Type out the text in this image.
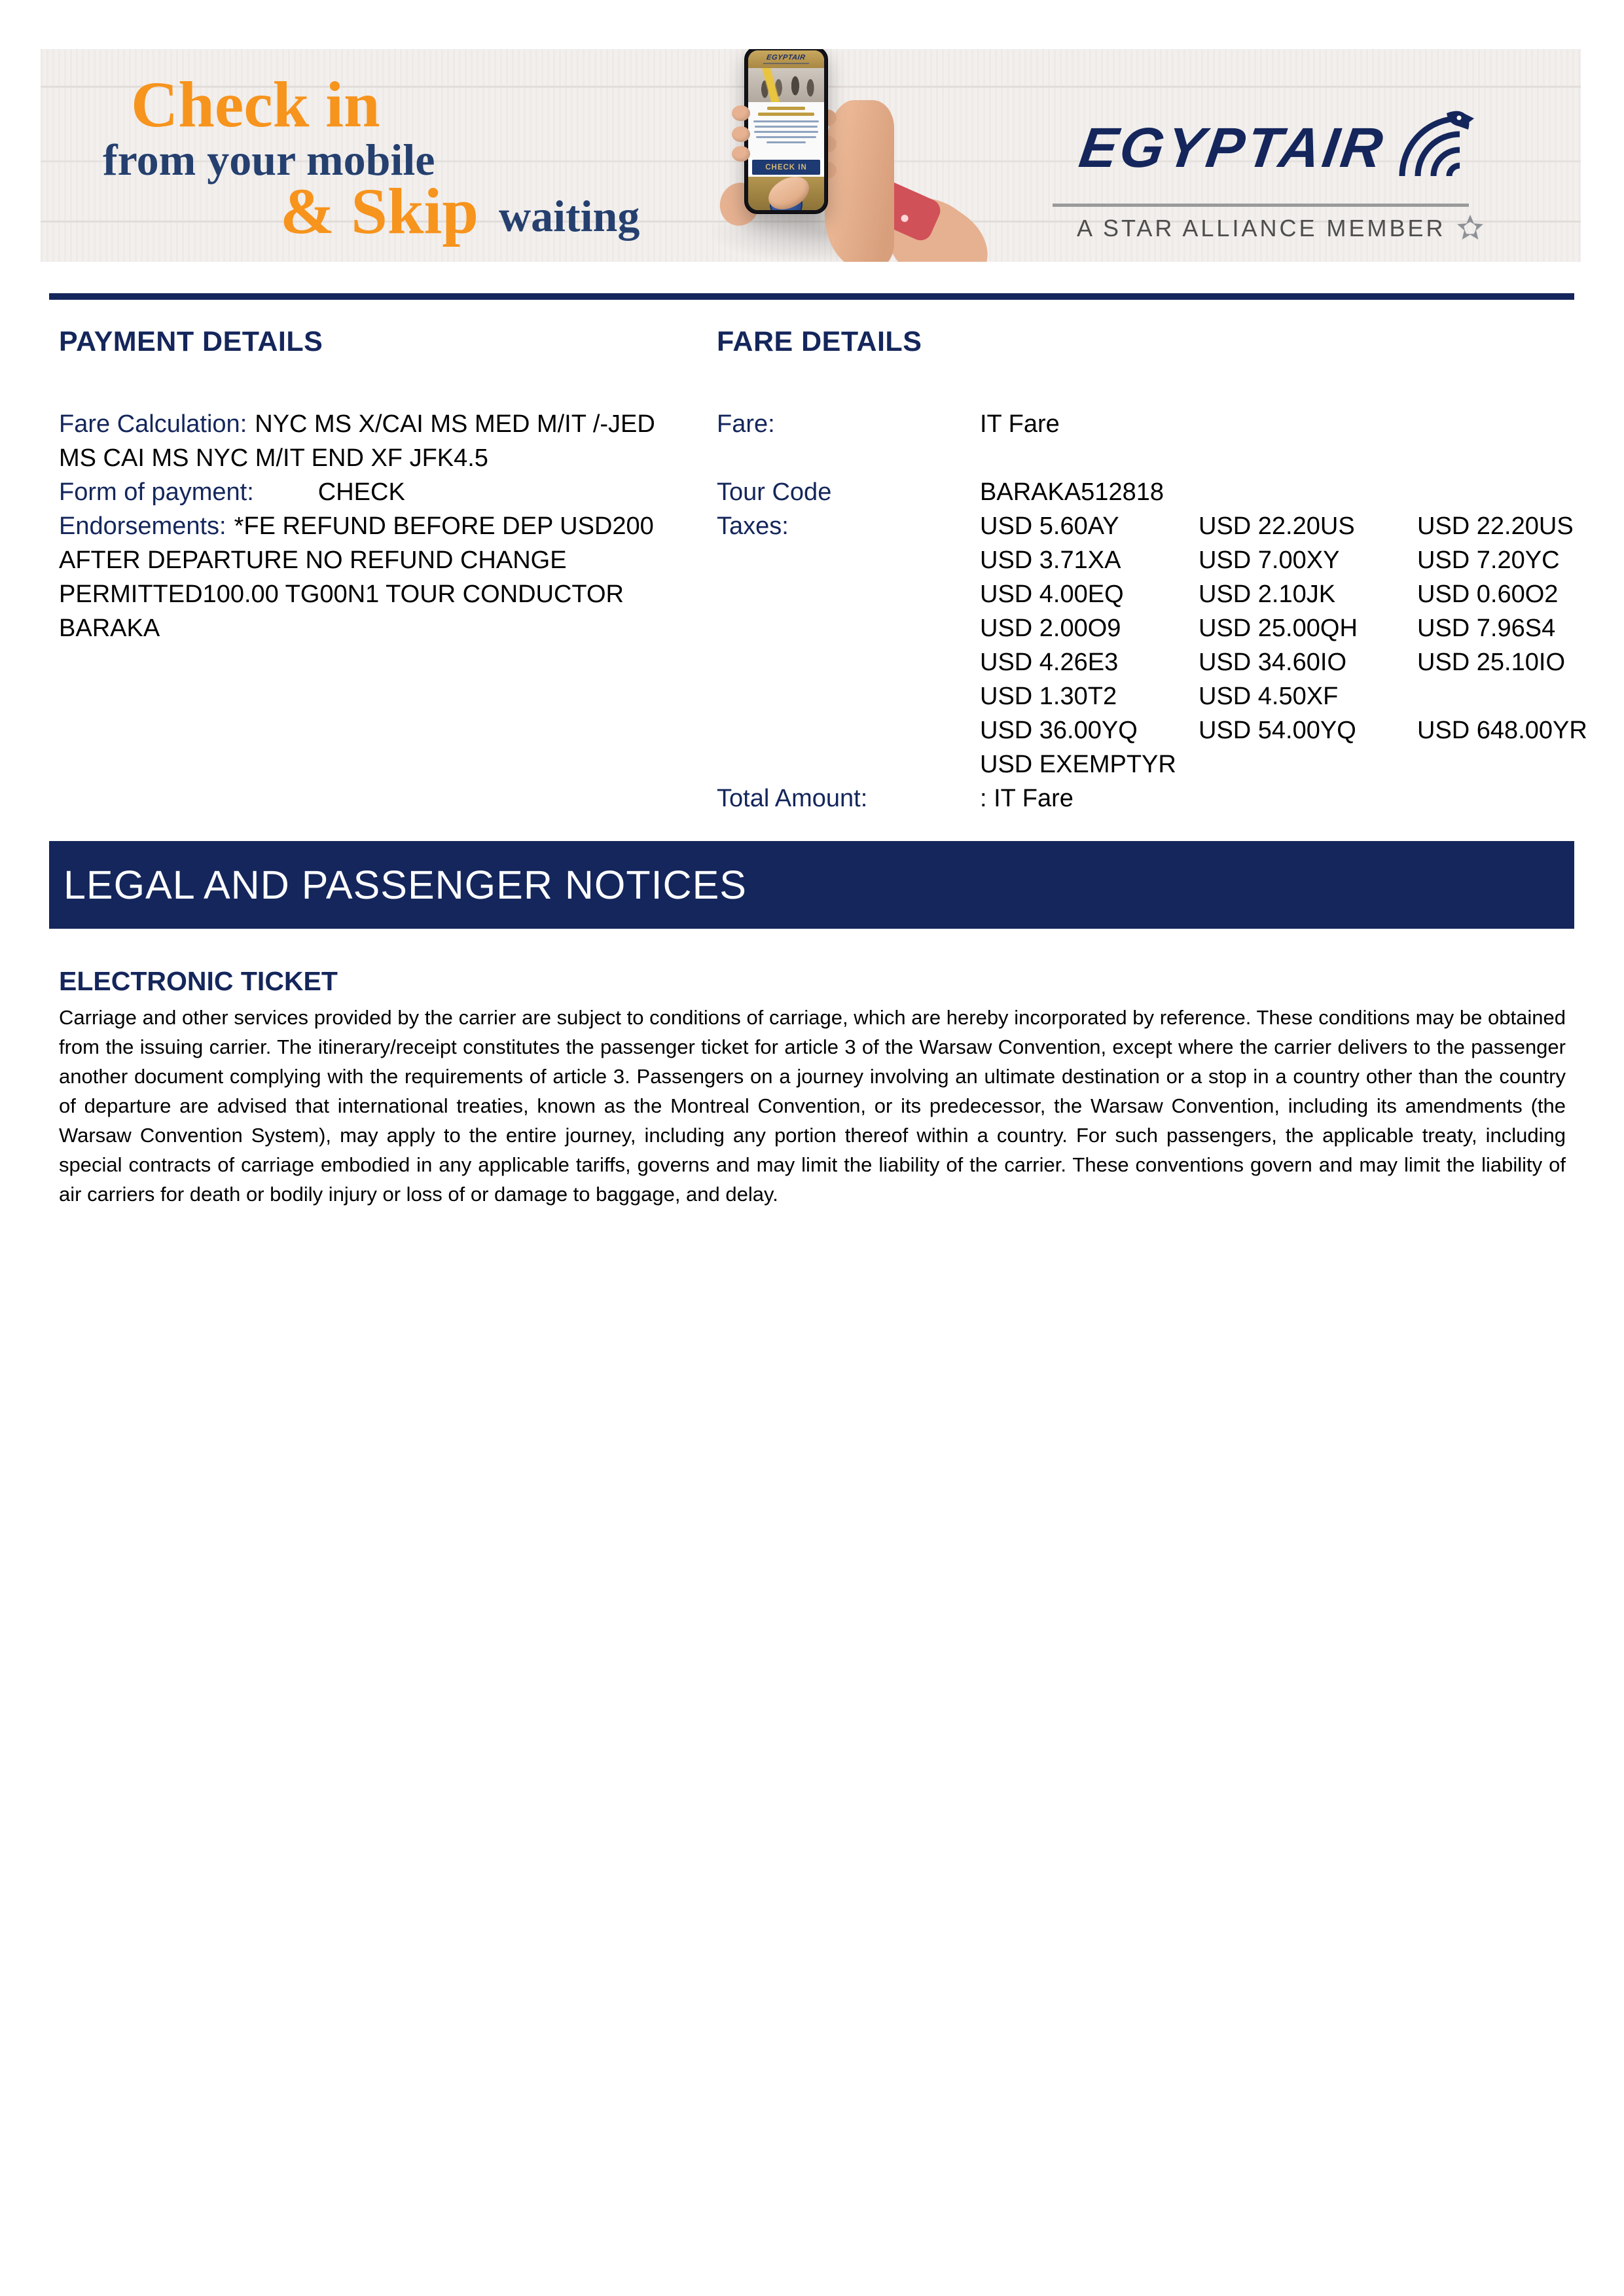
Check in
from your mobile
& Skip waiting
EGYPTAIR
CHECK IN	EGYPTAIR
A STAR ALLIANCE MEMBER
PAYMENT DETAILS
Fare Calculation: NYC MS X/CAI MS MED M/IT /-JED
MS CAI MS NYC M/IT END XF JFK4.5
Form of payment:	CHECK
Endorsements: *FE REFUND BEFORE DEP USD200
AFTER DEPARTURE NO REFUND CHANGE
PERMITTED100.00 TG00N1 TOUR CONDUCTOR
BARAKA
FARE DETAILS
Fare:	IT Fare
Tour Code	BARAKA512818
Taxes:	USD 5.60AY	USD 22.20US	USD 22.20US
USD 3.71XA	USD 7.00XY	USD 7.20YC
USD 4.00EQ	USD 2.10JK	USD 0.60O2
USD 2.00O9	USD 25.00QH	USD 7.96S4
USD 4.26E3	USD 34.60IO	USD 25.10IO
USD 1.30T2	USD 4.50XF
USD 36.00YQ	USD 54.00YQ	USD 648.00YR
USD EXEMPTYR
Total Amount:	: IT Fare
LEGAL AND PASSENGER NOTICES
ELECTRONIC TICKET
Carriage and other services provided by the carrier are subject to conditions of carriage, which are hereby incorporated by reference. These conditions may be obtained from the issuing carrier. The itinerary/receipt constitutes the passenger ticket for article 3 of the Warsaw Convention, except where the carrier delivers to the passenger another document complying with the requirements of article 3. Passengers on a journey involving an ultimate destination or a stop in a country other than the country of departure are advised that international treaties, known as the Montreal Convention, or its predecessor, the Warsaw Convention, including its amendments (the Warsaw Convention System), may apply to the entire journey, including any portion thereof within a country. For such passengers, the applicable treaty, including special contracts of carriage embodied in any applicable tariffs, governs and may limit the liability of the carrier. These conventions govern and may limit the liability of air carriers for death or bodily injury or loss of or damage to baggage, and delay.
